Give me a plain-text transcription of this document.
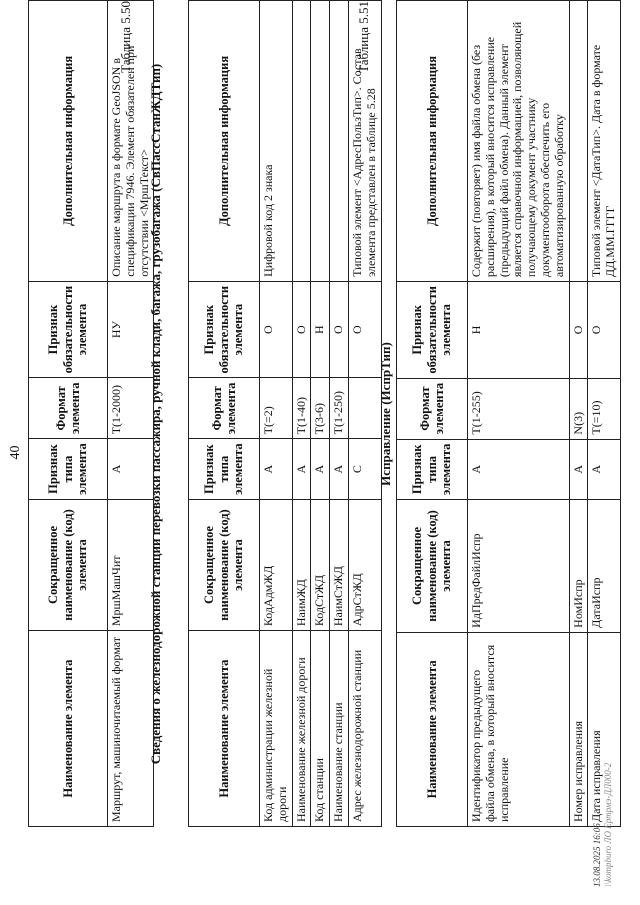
40
Наименование элемента	Сокращенное наименование (код) элемента	Признак типа элемента	Формат элемента	Признак обязательности элемента	Дополнительная информация
Маршрут, машиночитаемый формат	МршМашЧит	А	Т(1-2000)	НУ	Описание маршрута в формате GeoJSON в спецификации 7946. Элемент обязателен при отсутствии <МршТекст>
Таблица 5.50
Сведения о железнодорожной станции перевозки пассажира, ручной клади, багажа, грузобагажа (СвПассСтанЖДТип)	Наименование элемента	Сокращенное наименование (код) элемента	Признак типа элемента	Формат элемента	Признак обязательности элемента	Дополнительная информация
Код администрации железной дороги	КодАдмЖД	А	Т(=2)	О	Цифровой код 2 знака
Наименование железной дороги	НаимЖД	А	Т(1-40)	О	
Код станции	КодСтЖД	А	Т(3-6)	Н	
Наименование станции	НаимСтЖД	А	Т(1-250)	О	
Адрес железнодорожной станции	АдрСтЖД	С		О	Типовой элемент <АдресПользТип>. Состав элемента представлен в таблице 5.28
Таблица 5.51
Исправление (ИспрТип)
Наименование элемента	Сокращенное наименование (код) элемента	Признак типа элемента	Формат элемента	Признак обязательности элемента	Дополнительная информация
Идентификатор предыдущего файла обмена, в который вносится исправление	ИдПредФайлИспр	А	Т(1-255)	Н	Содержит (повторяет) имя файла обмена (без расширения), в который вносится исправление (предыдущий файл обмена). Данный элемент является справочной информацией, позволяющей получающему документ участнику документооборота обеспечить его автоматизированную обработку
Номер исправления	НомИспр	А	N(3)	О	
Дата исправления	ДатаИспр	А	Т(=10)	О	Типовой элемент <ДатаТип>. Дата в формате ДД.ММ.ГГГГ
13.08.2025 16:06 \\kompburo ЛО Ертрмэ-ДЛ000-2
